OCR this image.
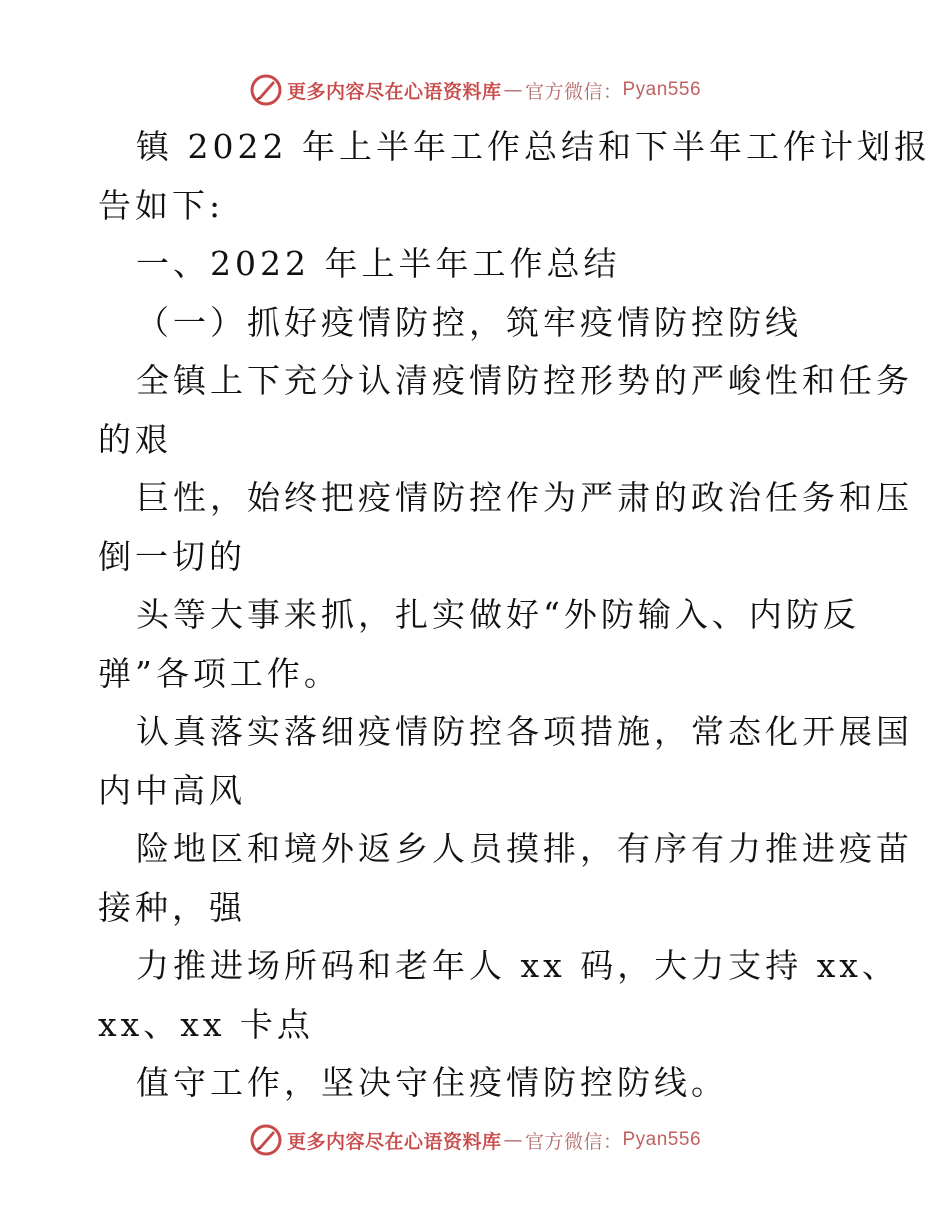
更多内容尽在心语资料库 — 官方微信： Pyan556

镇 2022 年上半年工作总结和下半年工作计划报
告如下:

一、2022 年上半年工作总结

（一）抓好疫情防控，筑牢疫情防控防线

全镇上下充分认清疫情防控形势的严峻性和任务
的艰

巨性，始终把疫情防控作为严肃的政治任务和压
倒一切的

头等大事来抓，扎实做好“外防输入、内防反
弹”各项工作。

认真落实落细疫情防控各项措施，常态化开展国
内中高风

险地区和境外返乡人员摸排，有序有力推进疫苗
接种，强

力推进场所码和老年人 xx 码，大力支持 xx、
xx、xx 卡点

值守工作，坚决守住疫情防控防线。

更多内容尽在心语资料库 — 官方微信： Pyan556
